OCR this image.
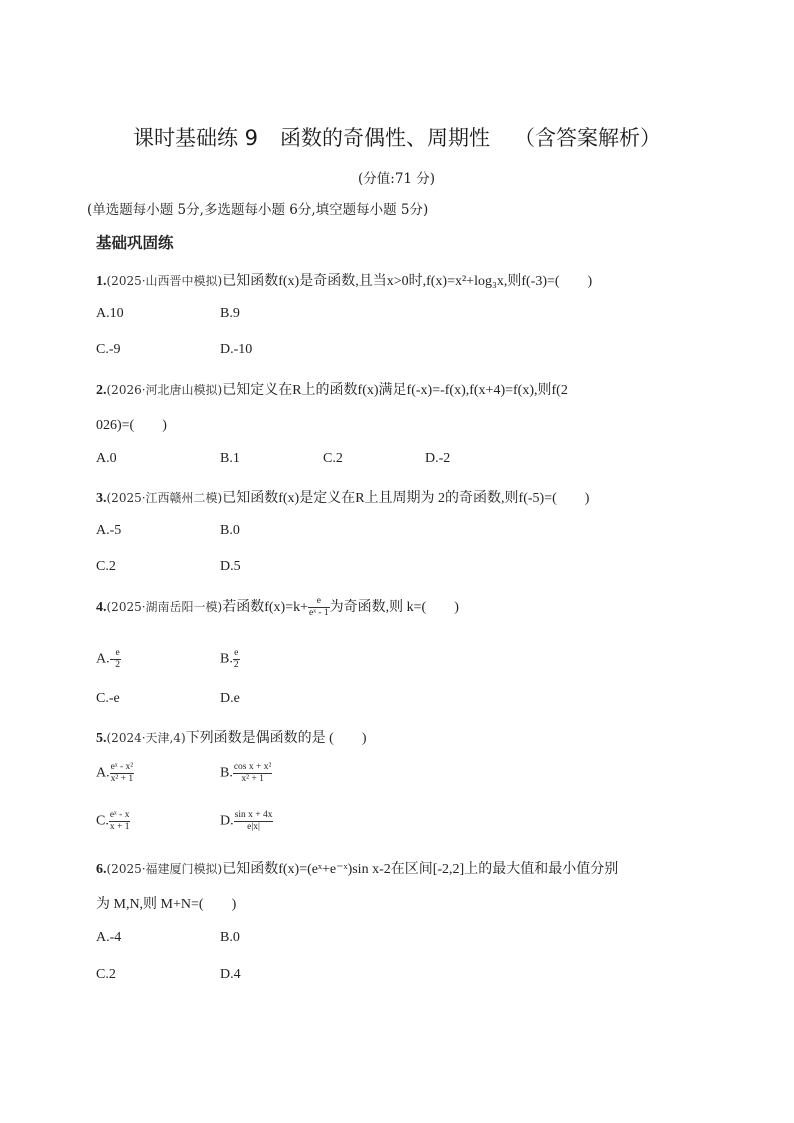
课时基础练 9 函数的奇偶性、周期性 （含答案解析）
(分值:71 分)
(单选题每小题 5分,多选题每小题 6分,填空题每小题 5分)
基础巩固练
1.(2025·山西晋中模拟)已知函数f(x)是奇函数,且当x>0时,f(x)=x²+log₃x,则f(-3)=(　　)
A.10	B.9
C.-9	D.-10
2.(2026·河北唐山模拟)已知定义在R上的函数f(x)满足f(-x)=-f(x),f(x+4)=f(x),则f(2
026)=(　　)
A.0	B.1	C.2	D.-2
3.(2025·江西赣州二模)已知函数f(x)是定义在R上且周期为 2的奇函数,则f(-5)=(　　)
A.-5	B.0
C.2	D.5
4.(2025·湖南岳阳一模)若函数$f(x)=k+ \frac{e}{\text{eˣ - 1}}$ 为奇函数,则 k=(　　)
$A.- \frac{e}{2}$	B. $\frac{e}{2}$
C.-e	D.e
5.(2024·天津,4)下列函数是偶函数的是 (　　)
A. $\frac{\text{eˣ - x²}}{\text{x² + 1}}$	B. $\frac{\text{cos x + x²}}{\text{x² + 1}}$
C. $\frac{\text{eˣ - x}}{x + 1}$	D. $\frac{\text{sin x + 4x}}{e|x|}$
6.(2025·福建厦门模拟)已知函数f(x)=(eˣ+e⁻ˣ)sin x-2在区间[-2,2]上的最大值和最小值分别
为 M,N,则 M+N=(　　)
A.-4	B.0
C.2	D.4
